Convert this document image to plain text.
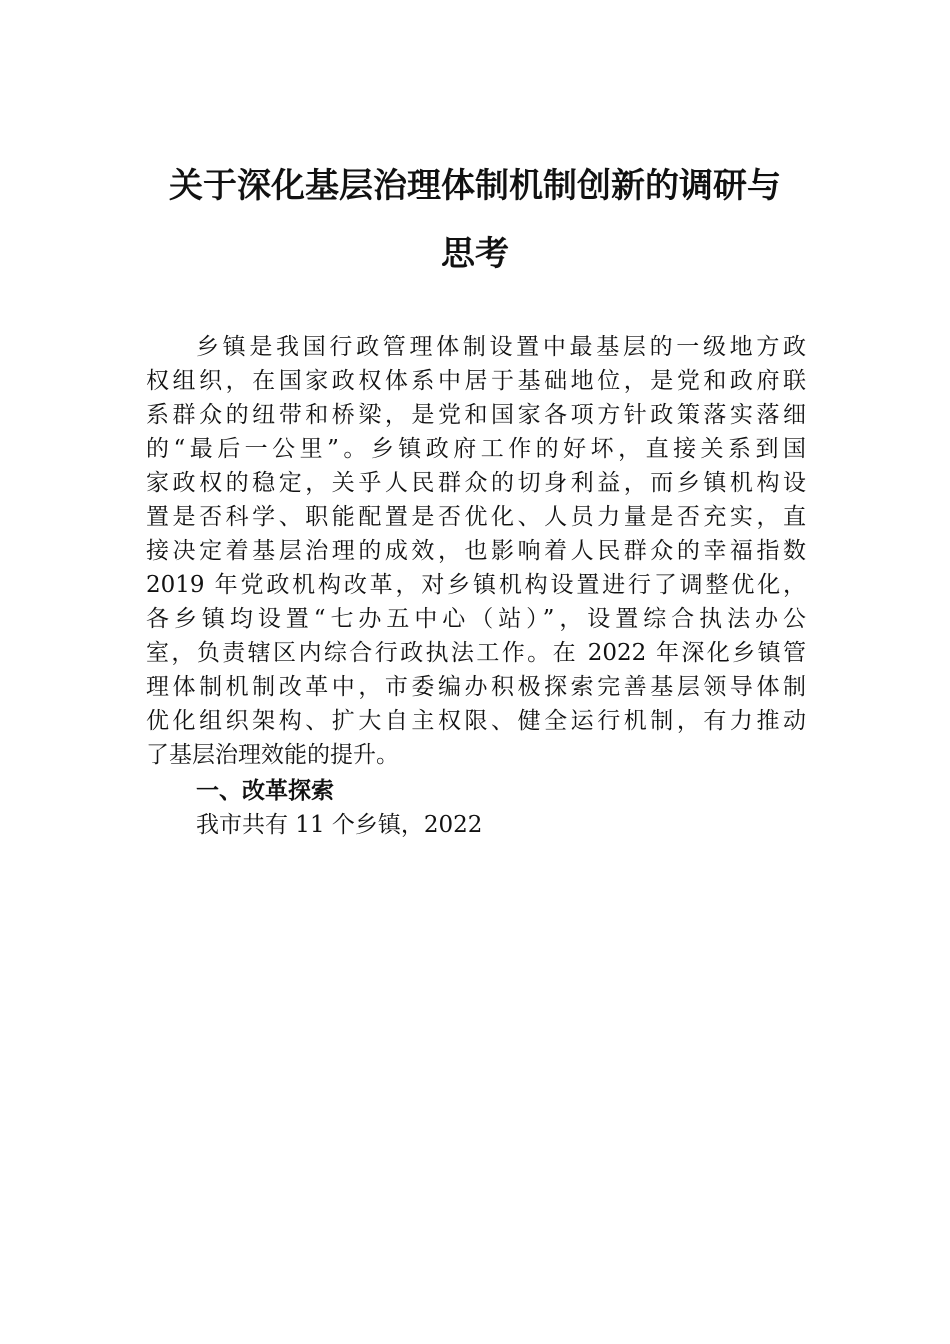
关于深化基层治理体制机制创新的调研与
思考
乡镇是我国行政管理体制设置中最基层的一级地方政
权组织，在国家政权体系中居于基础地位，是党和政府联
系群众的纽带和桥梁，是党和国家各项方针政策落实落细
的“最后一公里”。乡镇政府工作的好坏，直接关系到国
家政权的稳定，关乎人民群众的切身利益，而乡镇机构设
置是否科学、职能配置是否优化、人员力量是否充实，直
接决定着基层治理的成效，也影响着人民群众的幸福指数
2019 年党政机构改革，对乡镇机构设置进行了调整优化，
各乡镇均设置“七办五中心（站）”，设置综合执法办公
室，负责辖区内综合行政执法工作。在 2022 年深化乡镇管
理体制机制改革中，市委编办积极探索完善基层领导体制
优化组织架构、扩大自主权限、健全运行机制，有力推动
了基层治理效能的提升。
一、改革探索
我市共有 11 个乡镇，2022
